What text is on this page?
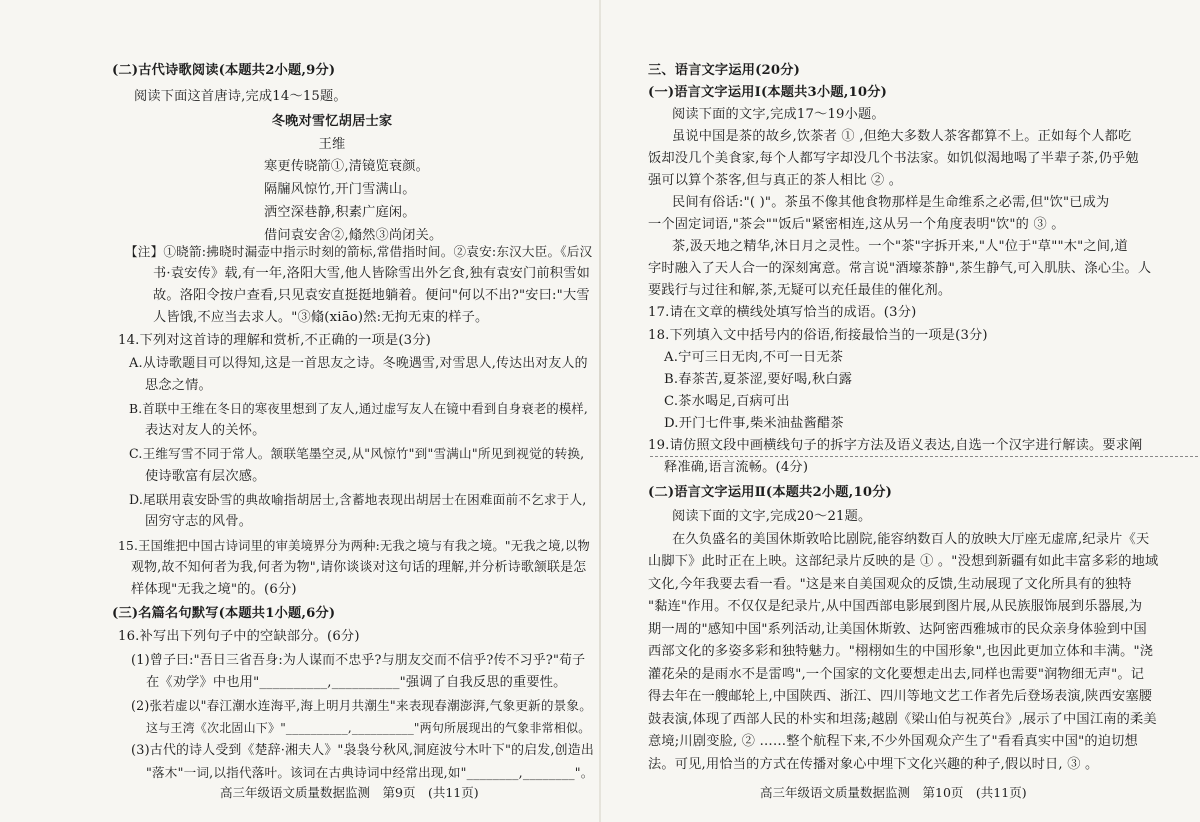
(二)古代诗歌阅读(本题共2小题,9分)
阅读下面这首唐诗,完成14～15题。
冬晚对雪忆胡居士家
王维
寒更传晓箭①,清镜览衰颜。
隔牖风惊竹,开门雪满山。
洒空深巷静,积素广庭闲。
借问袁安舍②,翛然③尚闭关。
【注】①晓箭:拂晓时漏壶中指示时刻的箭标,常借指时间。②袁安:东汉大臣。《后汉
书·袁安传》载,有一年,洛阳大雪,他人皆除雪出外乞食,独有袁安门前积雪如
故。洛阳令按户查看,只见袁安直挺挺地躺着。便问"何以不出?"安曰:"大雪
人皆饿,不应当去求人。"③翛(xiāo)然:无拘无束的样子。
14.下列对这首诗的理解和赏析,不正确的一项是(3分)
A.从诗歌题目可以得知,这是一首思友之诗。冬晚遇雪,对雪思人,传达出对友人的
思念之情。
B.首联中王维在冬日的寒夜里想到了友人,通过虚写友人在镜中看到自身衰老的模样,
表达对友人的关怀。
C.王维写雪不同于常人。颔联笔墨空灵,从"风惊竹"到"雪满山"所见到视觉的转换,
使诗歌富有层次感。
D.尾联用袁安卧雪的典故喻指胡居士,含蓄地表现出胡居士在困难面前不乞求于人,
固穷守志的风骨。
15.王国维把中国古诗词里的审美境界分为两种:无我之境与有我之境。"无我之境,以物
观物,故不知何者为我,何者为物",请你谈谈对这句话的理解,并分析诗歌颔联是怎
样体现"无我之境"的。(6分)
(三)名篇名句默写(本题共1小题,6分)
16.补写出下列句子中的空缺部分。(6分)
(1)曾子曰:"吾日三省吾身:为人谋而不忠乎?与朋友交而不信乎?传不习乎?"荀子
在《劝学》中也用"__________,__________"强调了自我反思的重要性。
(2)张若虚以"春江潮水连海平,海上明月共潮生"来表现春潮澎湃,气象更新的景象。
这与王湾《次北固山下》"__________,__________"两句所展现出的气象非常相似。
(3)古代的诗人受到《楚辞·湘夫人》"袅袅兮秋风,洞庭波兮木叶下"的启发,创造出
"落木"一词,以指代落叶。该词在古典诗词中经常出现,如"________,________"。
高三年级语文质量数据监测　第9页　(共11页)
三、语言文字运用(20分)
(一)语言文字运用Ⅰ(本题共3小题,10分)
阅读下面的文字,完成17～19小题。
虽说中国是茶的故乡,饮茶者 ① ,但绝大多数人茶客都算不上。正如每个人都吃
饭却没几个美食家,每个人都写字却没几个书法家。如饥似渴地喝了半辈子茶,仍乎勉
强可以算个茶客,但与真正的茶人相比 ② 。
民间有俗话:"( )"。茶虽不像其他食物那样是生命维系之必需,但"饮"已成为
一个固定词语,"茶会""饭后"紧密相连,这从另一个角度表明"饮"的 ③ 。
茶,汲天地之精华,沐日月之灵性。一个"茶"字拆开来,"人"位于"草""木"之间,道
字时融入了天人合一的深刻寓意。常言说"酒壕茶静",茶生静气,可入肌肤、涤心尘。人
要践行与过往和解,茶,无疑可以充任最佳的催化剂。
17.请在文章的横线处填写恰当的成语。(3分)
18.下列填入文中括号内的俗语,衔接最恰当的一项是(3分)
A.宁可三日无肉,不可一日无茶
B.春茶苦,夏茶涩,要好喝,秋白露
C.茶水喝足,百病可出
D.开门七件事,柴米油盐酱醋茶
19.请仿照文段中画横线句子的拆字方法及语义表达,自选一个汉字进行解读。要求阐
释准确,语言流畅。(4分)
(二)语言文字运用Ⅱ(本题共2小题,10分)
阅读下面的文字,完成20～21题。
在久负盛名的美国休斯敦哈比剧院,能容纳数百人的放映大厅座无虚席,纪录片《天
山脚下》此时正在上映。这部纪录片反映的是 ① 。"没想到新疆有如此丰富多彩的地域
文化,今年我要去看一看。"这是来自美国观众的反馈,生动展现了文化所具有的独特
"黏连"作用。不仅仅是纪录片,从中国西部电影展到图片展,从民族服饰展到乐器展,为
期一周的"感知中国"系列活动,让美国休斯敦、达阿密西雅城市的民众亲身体验到中国
西部文化的多姿多彩和独特魅力。"栩栩如生的中国形象",也因此更加立体和丰满。"浇
灌花朵的是雨水不是雷鸣",一个国家的文化要想走出去,同样也需要"润物细无声"。记
得去年在一艘邮轮上,中国陕西、浙江、四川等地文艺工作者先后登场表演,陕西安塞腰
鼓表演,体现了西部人民的朴实和坦荡;越剧《梁山伯与祝英台》,展示了中国江南的柔美
意境;川剧变脸, ② ……整个航程下来,不少外国观众产生了"看看真实中国"的迫切想
法。可见,用恰当的方式在传播对象心中埋下文化兴趣的种子,假以时日, ③ 。
高三年级语文质量数据监测　第10页　(共11页)
